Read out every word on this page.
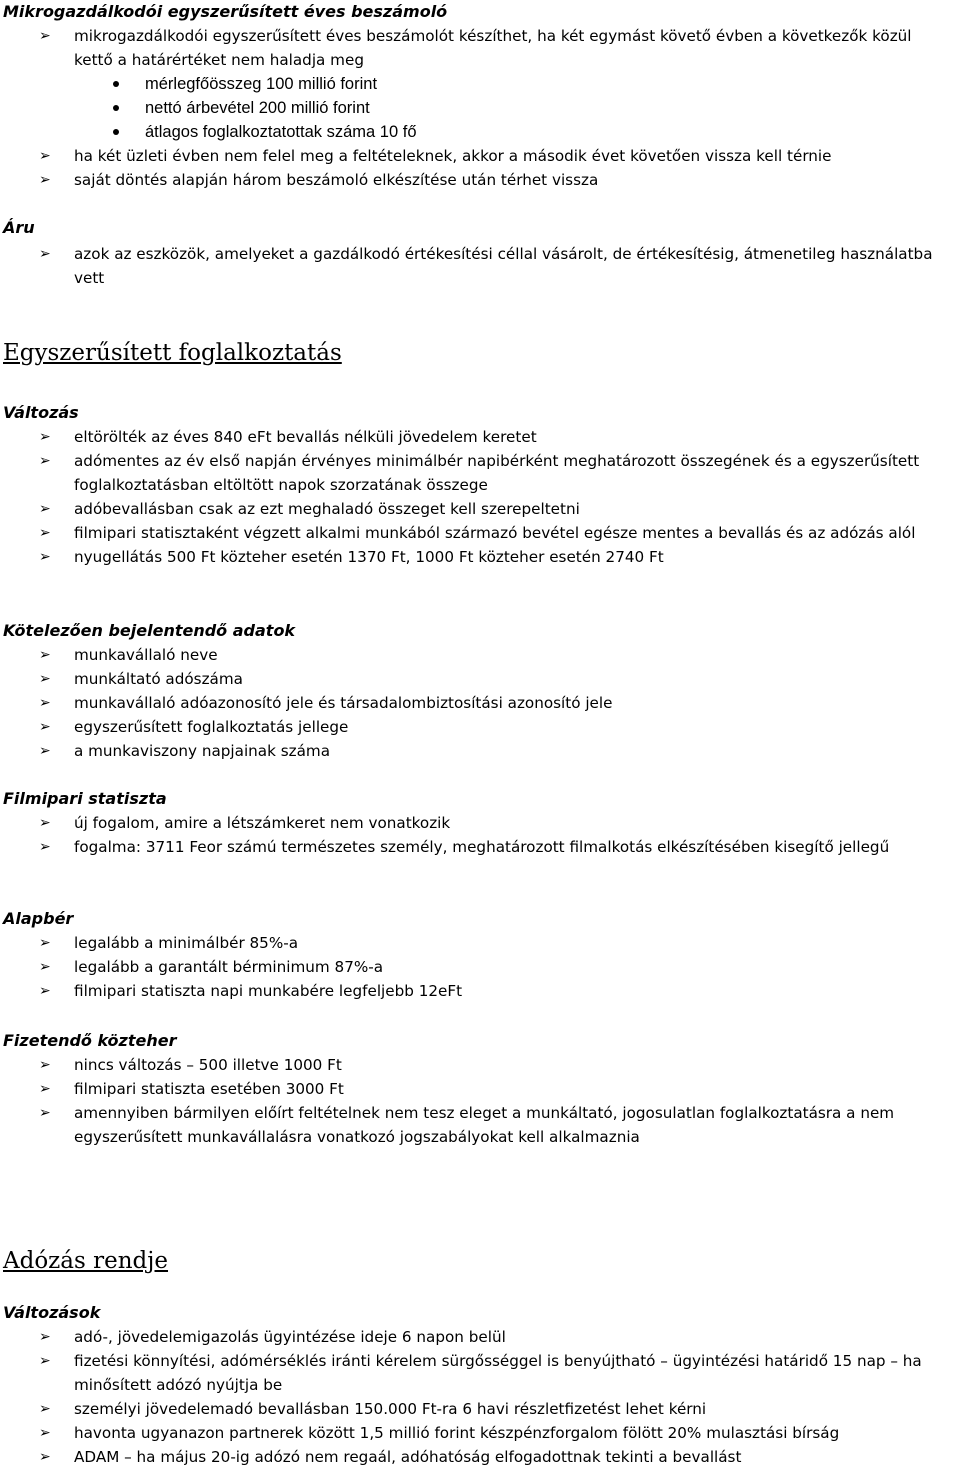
Mikrogazdálkodói egyszerűsített éves beszámoló
➢ mikrogazdálkodói egyszerűsített éves beszámolót készíthet, ha két egymást követő évben a következők közül kettő a határértéket nem haladja meg
mérlegfőösszeg 100 millió forint
nettó árbevétel 200 millió forint
átlagos foglalkoztatottak száma 10 fő
➢ ha két üzleti évben nem felel meg a feltételeknek, akkor a második évet követően vissza kell térnie
➢ saját döntés alapján három beszámoló elkészítése után térhet vissza
Áru
➢ azok az eszközök, amelyeket a gazdálkodó értékesítési céllal vásárolt, de értékesítésig, átmenetileg használatba vett
Egyszerűsített foglalkoztatás
Változás
➢ eltörölték az éves 840 eFt bevallás nélküli jövedelem keretet
➢ adómentes az év első napján érvényes minimálbér napibérként meghatározott összegének és a egyszerűsített foglalkoztatásban eltöltött napok szorzatának összege
➢ adóbevallásban csak az ezt meghaladó összeget kell szerepeltetni
➢ filmipari statisztaként végzett alkalmi munkából származó bevétel egésze mentes a bevallás és az adózás alól
➢ nyugellátás 500 Ft közteher esetén 1370 Ft, 1000 Ft közteher esetén 2740 Ft
Kötelezően bejelentendő adatok
➢ munkavállaló neve
➢ munkáltató adószáma
➢ munkavállaló adóazonosító jele és társadalombiztosítási azonosító jele
➢ egyszerűsített foglalkoztatás jellege
➢ a munkaviszony napjainak száma
Filmipari statiszta
➢ új fogalom, amire a létszámkeret nem vonatkozik
➢ fogalma: 3711 Feor számú természetes személy, meghatározott filmalkotás elkészítésében kisegítő jellegű
Alapbér
➢ legalább a minimálbér 85%-a
➢ legalább a garantált bérminimum 87%-a
➢ filmipari statiszta napi munkabére legfeljebb 12eFt
Fizetendő közteher
➢ nincs változás – 500 illetve 1000 Ft
➢ filmipari statiszta esetében 3000 Ft
➢ amennyiben bármilyen előírt feltételnek nem tesz eleget a munkáltató, jogosulatlan foglalkoztatásra a nem egyszerűsített munkavállalásra vonatkozó jogszabályokat kell alkalmaznia
Adózás rendje
Változások
➢ adó-, jövedelemigazolás ügyintézése ideje 6 napon belül
➢ fizetési könnyítési, adómérséklés iránti kérelem sürgősséggel is benyújtható – ügyintézési határidő 15 nap – ha minősített adózó nyújtja be
➢ személyi jövedelemadó bevallásban 150.000 Ft-ra 6 havi részletfizetést lehet kérni
➢ havonta ugyanazon partnerek között 1,5 millió forint készpénzforgalom fölött 20% mulasztási bírság
➢ ADAM – ha május 20-ig adózó nem regaál, adóhatóság elfogadottnak tekinti a bevallást
